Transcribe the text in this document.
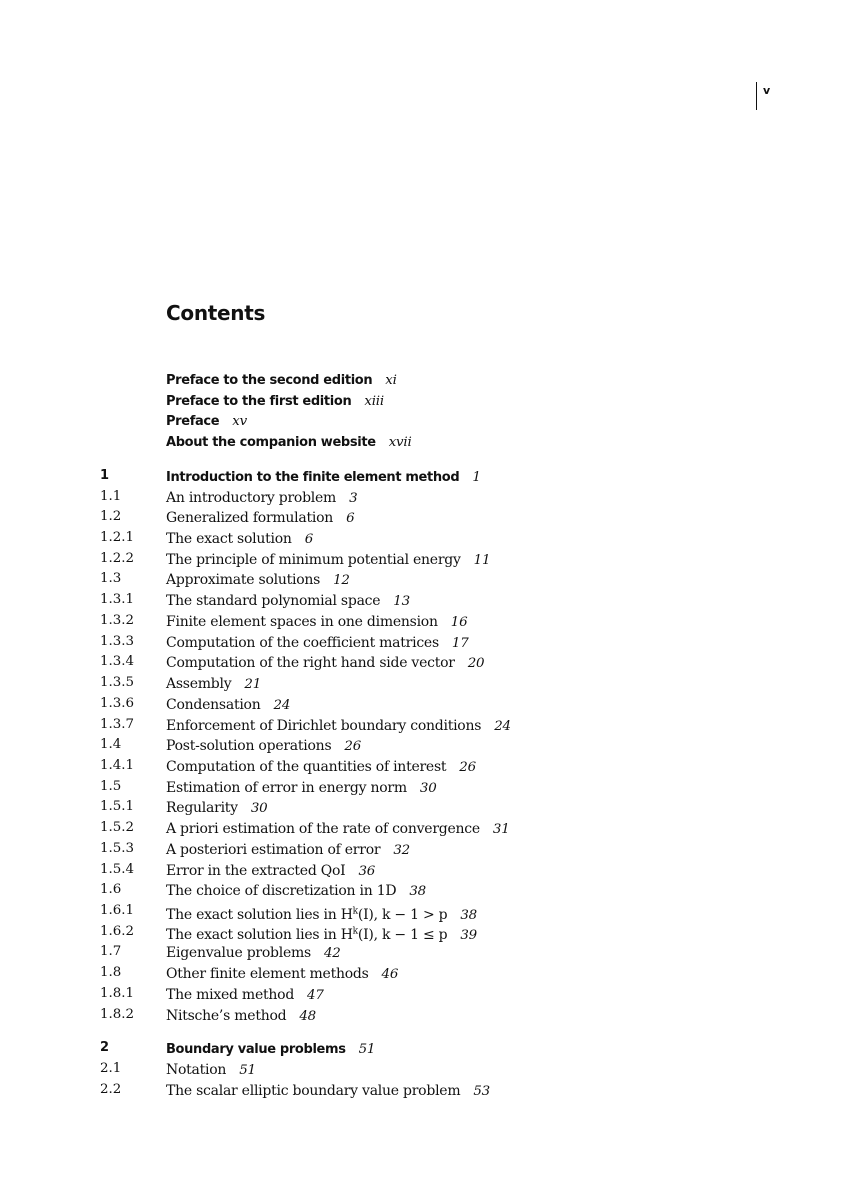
v
Contents
Preface to the second edition xi
Preface to the first edition xiii
Preface xv
About the companion website xvii
1	Introduction to the finite element method 1
1.1	An introductory problem 3
1.2	Generalized formulation 6
1.2.1 The exact solution 6
1.2.2 The principle of minimum potential energy 11
1.3	Approximate solutions 12
1.3.1 The standard polynomial space 13
1.3.2 Finite element spaces in one dimension 16
1.3.3 Computation of the coefficient matrices 17
1.3.4 Computation of the right hand side vector 20
1.3.5 Assembly 21
1.3.6 Condensation 24
1.3.7 Enforcement of Dirichlet boundary conditions 24
1.4	Post-solution operations 26
1.4.1 Computation of the quantities of interest 26
1.5	Estimation of error in energy norm 30
1.5.1 Regularity 30
1.5.2 A priori estimation of the rate of convergence 31
1.5.3 A posteriori estimation of error 32
1.5.4 Error in the extracted QoI 36
1.6	The choice of discretization in 1D 38
1.6.1 The exact solution lies in $H^k(I)$, k − 1 > p 38
1.6.2 The exact solution lies in $H^k(I)$, k − 1 ≤ p 39
1.7	Eigenvalue problems 42
1.8	Other finite element methods 46
1.8.1 The mixed method 47
1.8.2 Nitsche’s method 48
2	Boundary value problems 51
2.1	Notation 51
2.2	The scalar elliptic boundary value problem 53
